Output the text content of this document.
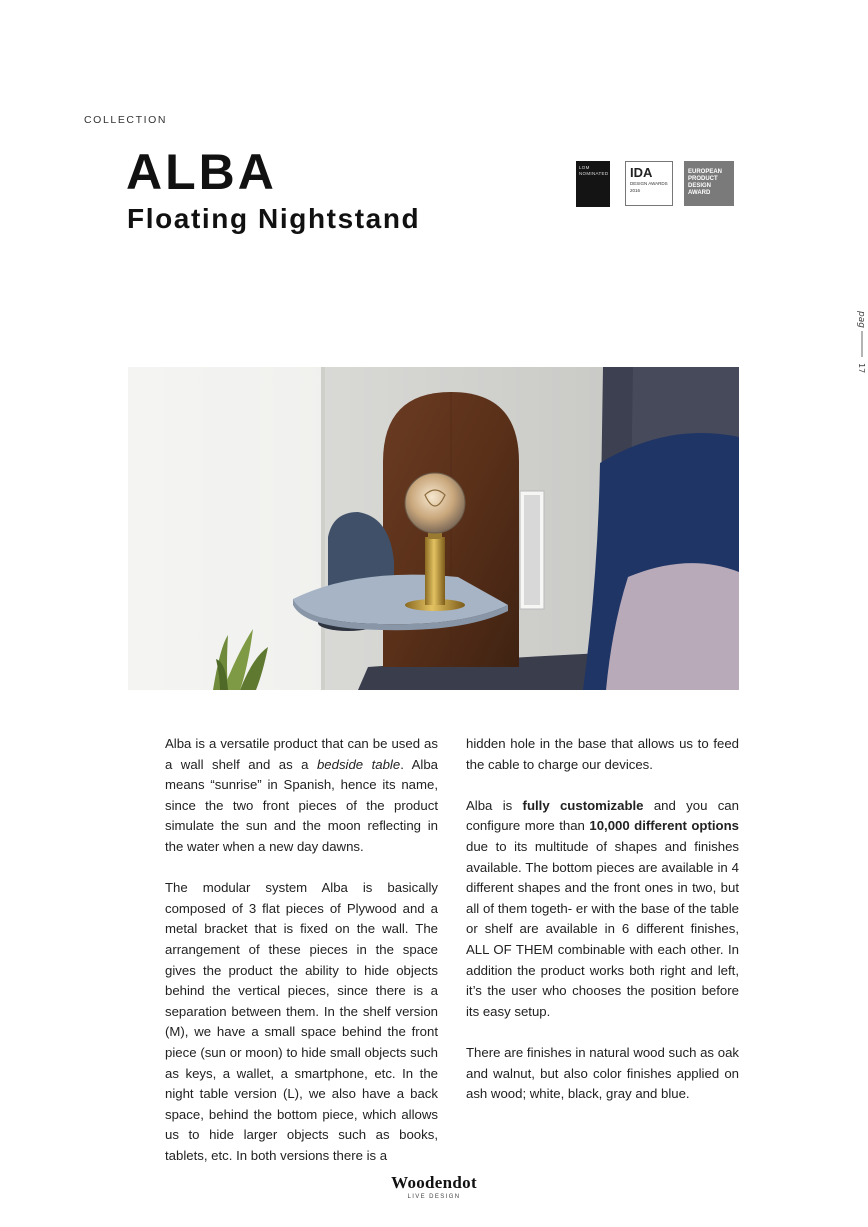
COLLECTION
ALBA
Floating Nightstand
LOM NOMINATED IDA
DESIGN AWARDS
2016
EUROPEAN
PRODUCT
DESIGN
AWARD
pag
17

Alba is a versatile product that can be used as a wall shelf and as a bedside table. Alba means “sunrise” in Spanish, hence its name, since the two front pieces of the product simulate the sun and the moon reflecting in the water when a new day dawns.

The modular system Alba is basically composed of 3 flat pieces of Plywood and a metal bracket that is fixed on the wall. The arrangement of these pieces in the space gives the product the ability to hide objects behind the vertical pieces, since there is a separation between them. In the shelf version (M), we have a small space behind the front piece (sun or moon) to hide small objects such as keys, a wallet, a smartphone, etc. In the night table version (L), we also have a back space, behind the bottom piece, which allows us to hide larger objects such as books, tablets, etc. In both versions there is a

hidden hole in the base that allows us to feed the cable to charge our devices.

Alba is fully customizable and you can configure more than 10,000 different options due to its multitude of shapes and finishes available. The bottom pieces are available in 4 different shapes and the front ones in two, but all of them togeth- er with the base of the table or shelf are available in 6 different finishes, ALL OF THEM combinable with each other. In addition the product works both right and left, it’s the user who chooses the position before its easy setup.

There are finishes in natural wood such as oak and walnut, but also color finishes applied on ash wood; white, black, gray and blue.

Woodendot
LIVE DESIGN
